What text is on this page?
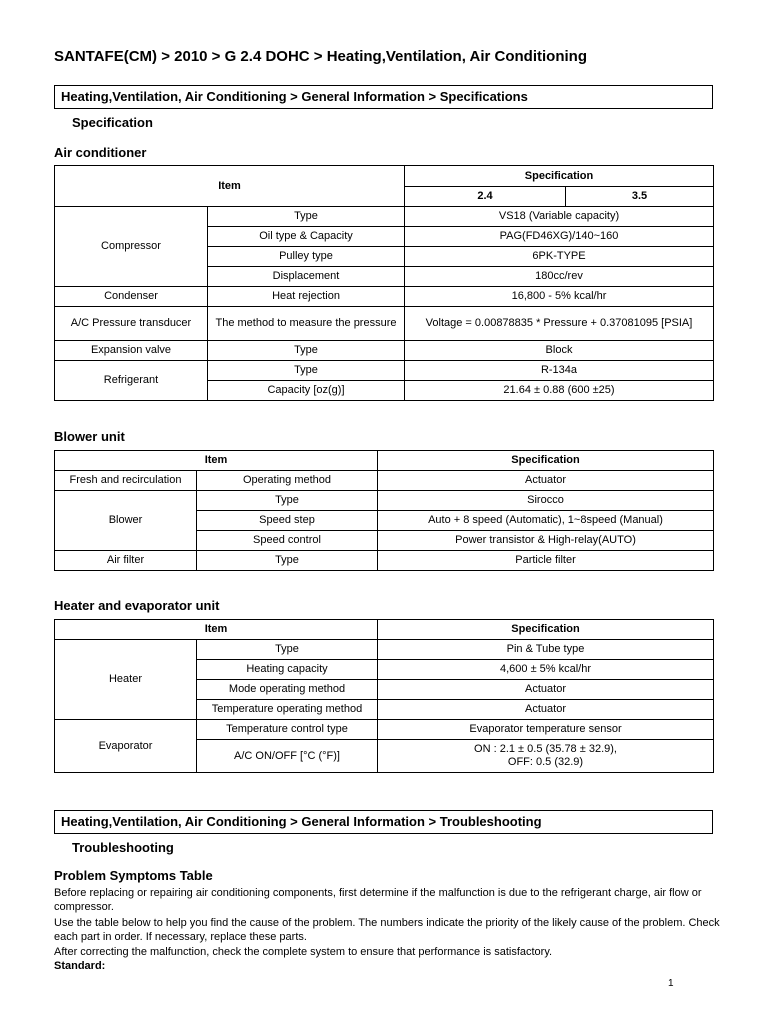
SANTAFE(CM) > 2010 > G 2.4 DOHC > Heating,Ventilation, Air Conditioning
Heating,Ventilation, Air Conditioning > General Information > Specifications
Specification
Air conditioner
Item		Specification	
		2.4	3.5
Compressor	Type	VS18 (Variable capacity)	
	Oil type & Capacity	PAG(FD46XG)/140~160	
	Pulley type	6PK-TYPE	
	Displacement	180cc/rev	
Condenser	Heat rejection	16,800 - 5% kcal/hr	
A/C Pressure transducer	The method to measure the pressure	Voltage = 0.00878835 * Pressure + 0.37081095 [PSIA]	
Expansion valve	Type	Block	
Refrigerant	Type	R-134a	
	Capacity [oz(g)]	21.64 ± 0.88 (600 ±25)	
Blower unit
Item		Specification
Fresh and recirculation	Operating method	Actuator
Blower	Type	Sirocco
	Speed step	Auto + 8 speed (Automatic), 1~8speed (Manual)
	Speed control	Power transistor & High-relay(AUTO)
Air filter	Type	Particle filter
Heater and evaporator unit
Item		Specification
Heater	Type	Pin & Tube type
	Heating capacity	4,600 ± 5% kcal/hr
	Mode operating method	Actuator
	Temperature operating method	Actuator
Evaporator	Temperature control type	Evaporator temperature sensor
	A/C ON/OFF [°C (°F)]	ON : 2.1 ± 0.5 (35.78 ± 32.9),
OFF: 0.5 (32.9)
Heating,Ventilation, Air Conditioning > General Information > Troubleshooting
Troubleshooting
Problem Symptoms Table
Before replacing or repairing air conditioning components, first determine if the malfunction is due to the refrigerant charge, air flow or compressor.
Use the table below to help you find the cause of the problem. The numbers indicate the priority of the likely cause of the problem. Check each part in order. If necessary, replace these parts.
After correcting the malfunction, check the complete system to ensure that performance is satisfactory.
Standard:
1
